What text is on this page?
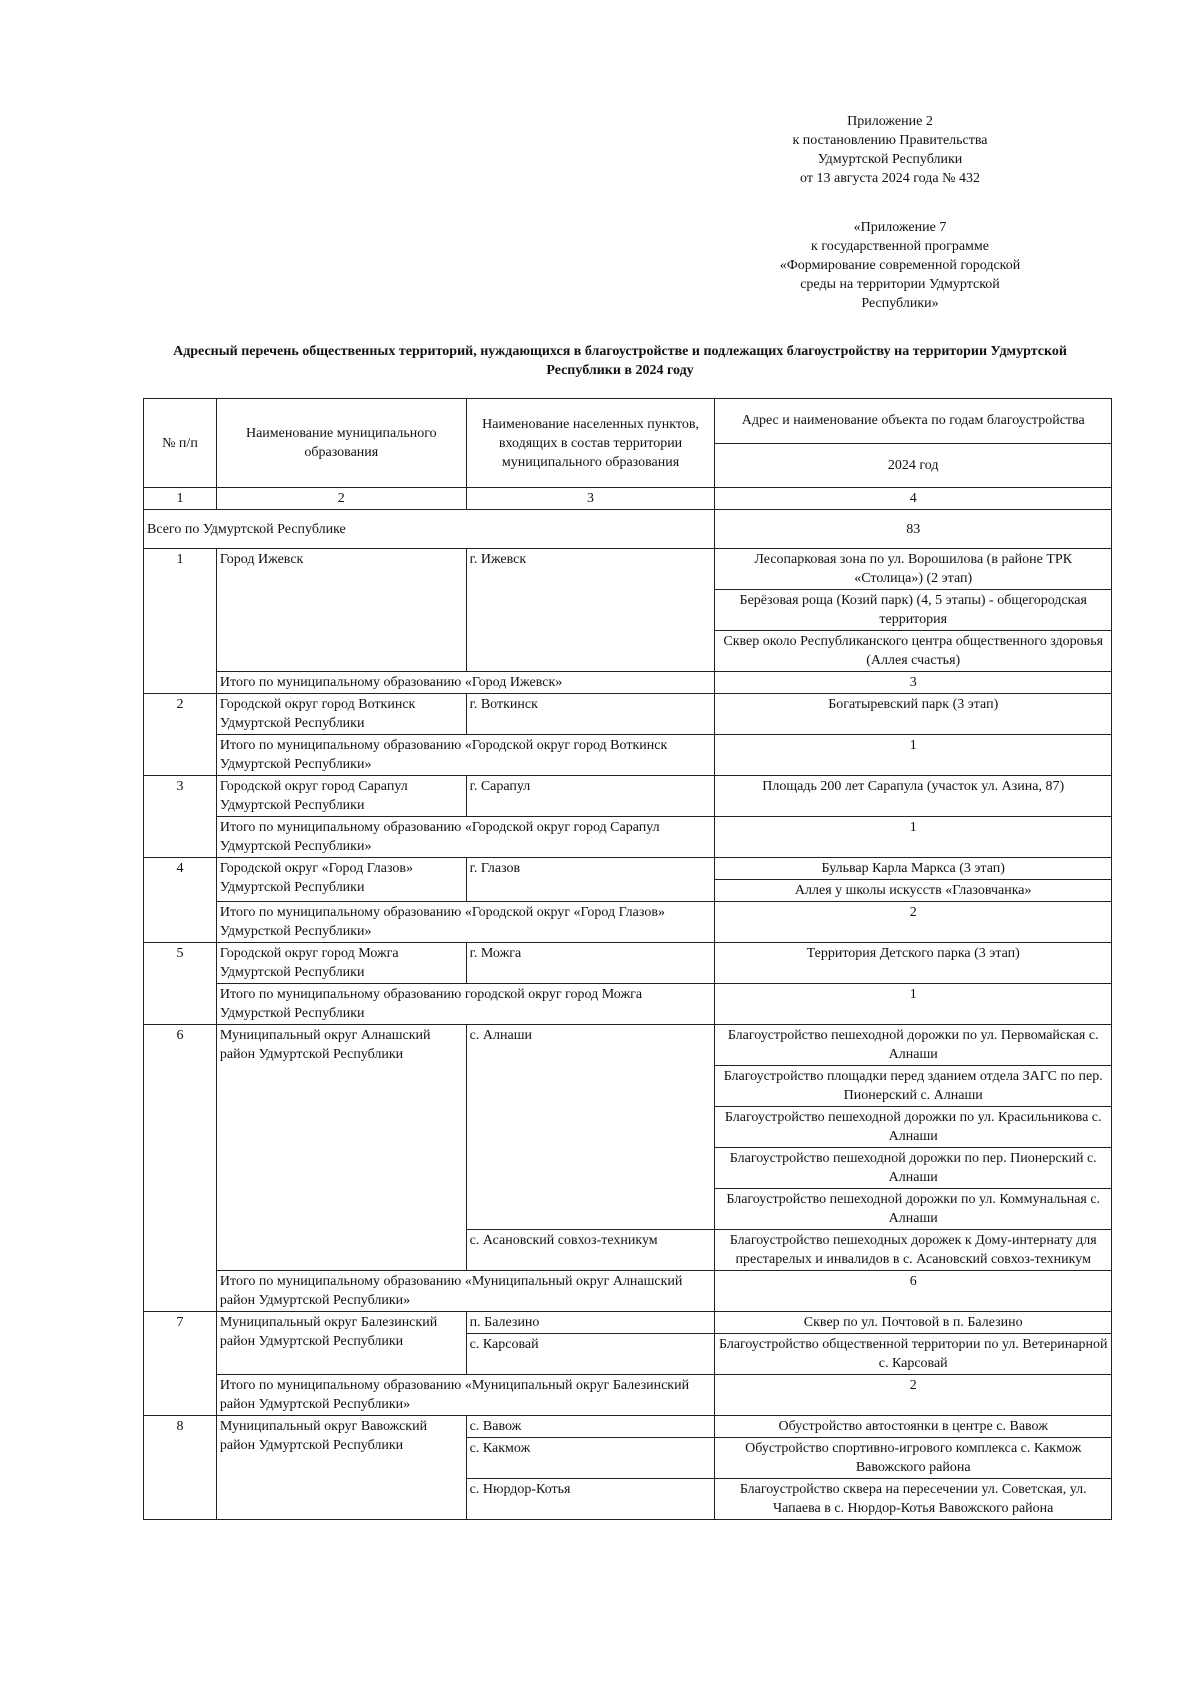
Приложение 2
к постановлению Правительства
Удмуртской Республики
от 13 августа 2024 года № 432
«Приложение 7
к государственной программе
«Формирование современной городской
среды на территории Удмуртской
Республики»
Адресный перечень общественных территорий, нуждающихся в благоустройстве и подлежащих благоустройству на территории Удмуртской Республики в 2024 году
№ п/п	Наименование муниципального образования	Наименование населенных пунктов, входящих в состав территории муниципального образования	Адрес и наименование объекта по годам благоустройства
			2024 год
1	2	3	4
Всего по Удмуртской Республике			83
1	Город Ижевск	г. Ижевск	Лесопарковая зона по ул. Ворошилова (в районе ТРК «Столица») (2 этап)
			Берёзовая роща (Козий парк) (4, 5 этапы) - общегородская территория
			Сквер около Республиканского центра общественного здоровья (Аллея счастья)
	Итого по муниципальному образованию «Город Ижевск»		3
2	Городской округ город Воткинск Удмуртской Республики	г. Воткинск	Богатыревский парк (3 этап)
	Итого по муниципальному образованию «Городской округ город Воткинск Удмуртской Республики»		1
3	Городской округ город Сарапул Удмуртской Республики	г. Сарапул	Площадь 200 лет Сарапула (участок ул. Азина, 87)
	Итого по муниципальному образованию «Городской округ город Сарапул Удмуртской Республики»		1
4	Городской округ «Город Глазов» Удмуртской Республики	г. Глазов	Бульвар Карла Маркса (3 этап)
			Аллея у школы искусств «Глазовчанка»
	Итого по муниципальному образованию «Городской округ «Город Глазов» Удмурсткой Республики»		2
5	Городской округ город Можга Удмуртской Республики	г. Можга	Территория Детского парка (3 этап)
	Итого по муниципальному образованию городской округ город Можга Удмурсткой Республики		1
6	Муниципальный округ Алнашский район Удмуртской Республики	с. Алнаши	Благоустройство пешеходной дорожки по ул. Первомайская с. Алнаши
			Благоустройство площадки перед зданием отдела ЗАГС по пер. Пионерский с. Алнаши
			Благоустройство пешеходной дорожки по ул. Красильникова с. Алнаши
			Благоустройство пешеходной дорожки по пер. Пионерский с. Алнаши
			Благоустройство пешеходной дорожки по ул. Коммунальная с. Алнаши
		с. Асановский совхоз-техникум	Благоустройство пешеходных дорожек к Дому-интернату для престарелых и инвалидов в с. Асановский совхоз-техникум
	Итого по муниципальному образованию «Муниципальный округ Алнашский район Удмуртской Республики»		6
7	Муниципальный округ Балезинский район Удмуртской Республики	п. Балезино	Сквер по ул. Почтовой в п. Балезино
		с. Карсовай	Благоустройство общественной территории по ул. Ветеринарной с. Карсовай
	Итого по муниципальному образованию «Муниципальный округ Балезинский район Удмуртской Республики»		2
8	Муниципальный округ Вавожский район Удмуртской Республики	с. Вавож	Обустройство автостоянки в центре с. Вавож
		с. Какмож	Обустройство спортивно-игрового комплекса с. Какмож Вавожского района
		с. Нюрдор-Котья	Благоустройство сквера на пересечении ул. Советская, ул. Чапаева в с. Нюрдор-Котья Вавожского района
